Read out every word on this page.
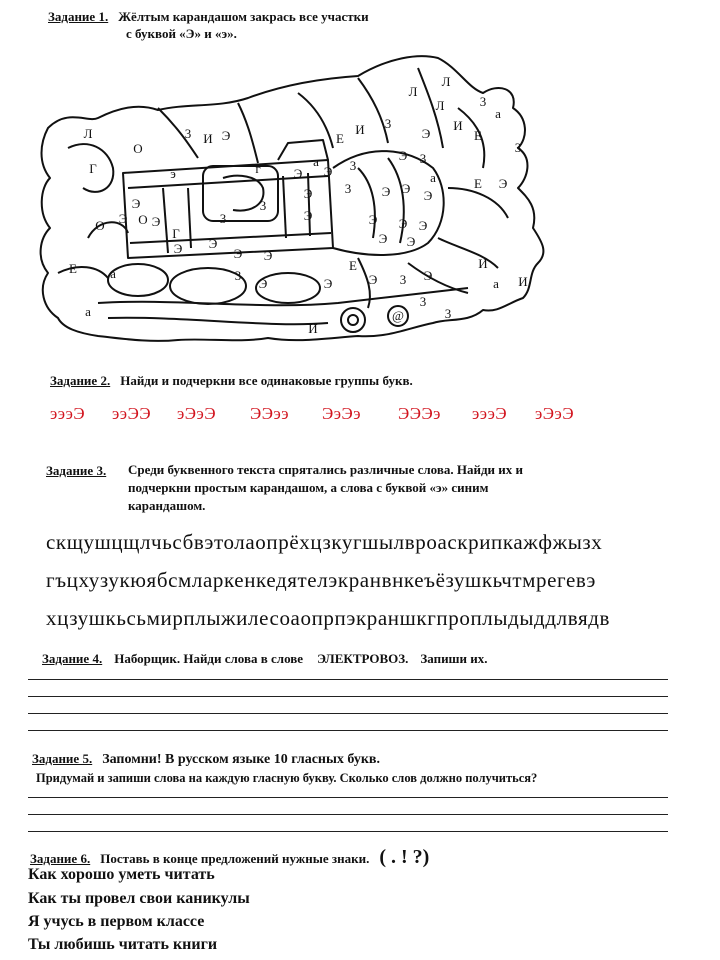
Задание 1. Жёлтым карандашом закрась все участки
с буквой «Э» и «э».
Л
Л
Л
Л
Г
О
3 И Э	Е
И 3
Э
И
Е
3
а
3
а
Э Э 3
Э 3
э	г
3
а	Е Э
Э
Э
Г
Э
Э
3 Э Э Э
О Э О	3	Э Э Э
Э Э
Е	а
Э Э
Э Э
Е
Э 3 Э
И
И
а
а
3
Э	Э
3
И
@	3
Задание 2. Найди и подчеркни все одинаковые группы букв.
эээЭ ээЭЭ эЭэЭ ЭЭээ ЭэЭэ ЭЭЭэ эээЭ эЭэЭ
Задание 3. Среди буквенного текста спрятались различные слова. Найди их и
подчеркни простым карандашом, а слова с буквой «э» синим
карандашом.
скщушцщлчьсбвэтолаопрёхцзкугшылвроаскрипкажфжызх
гъцхузукюябсмларкенкедятелэкранвнкеъёзушкьчтмрегевэ
хцзушкьсьмирплыжилесоаопрпэкраншкгпроплыдыддлвядв
Задание 4. Наборщик. Найди слова в слове ЭЛЕКТРОВОЗ. Запиши их.
Задание 5. Запомни! В русском языке 10 гласных букв.
Придумай и запиши слова на каждую гласную букву. Сколько слов должно получиться?
Задание 6. Поставь в конце предложений нужные знаки. ( . ! ?)
Как хорошо уметь читать
Как ты провел свои каникулы
Я учусь в первом классе
Ты любишь читать книги
